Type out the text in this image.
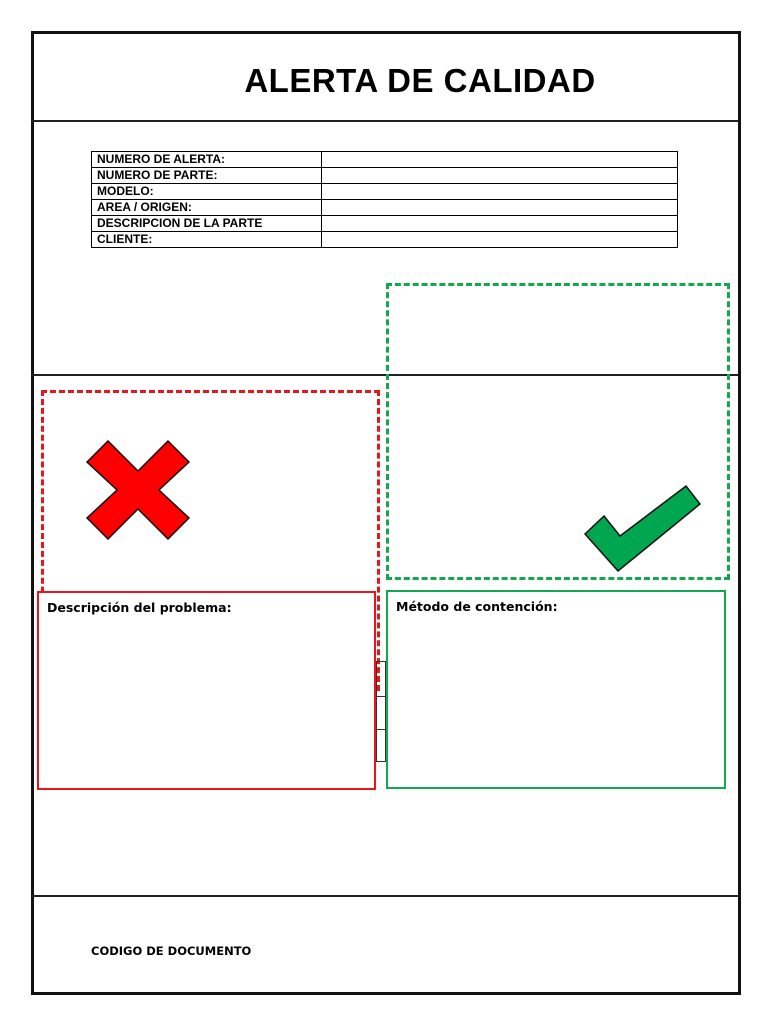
ALERTA DE CALIDAD
NUMERO DE ALERTA:	
NUMERO DE PARTE:	
MODELO:	
AREA / ORIGEN:	
DESCRIPCION DE LA PARTE	
CLIENTE:	
Descripción del problema:	Método de contención:
CODIGO DE DOCUMENTO
